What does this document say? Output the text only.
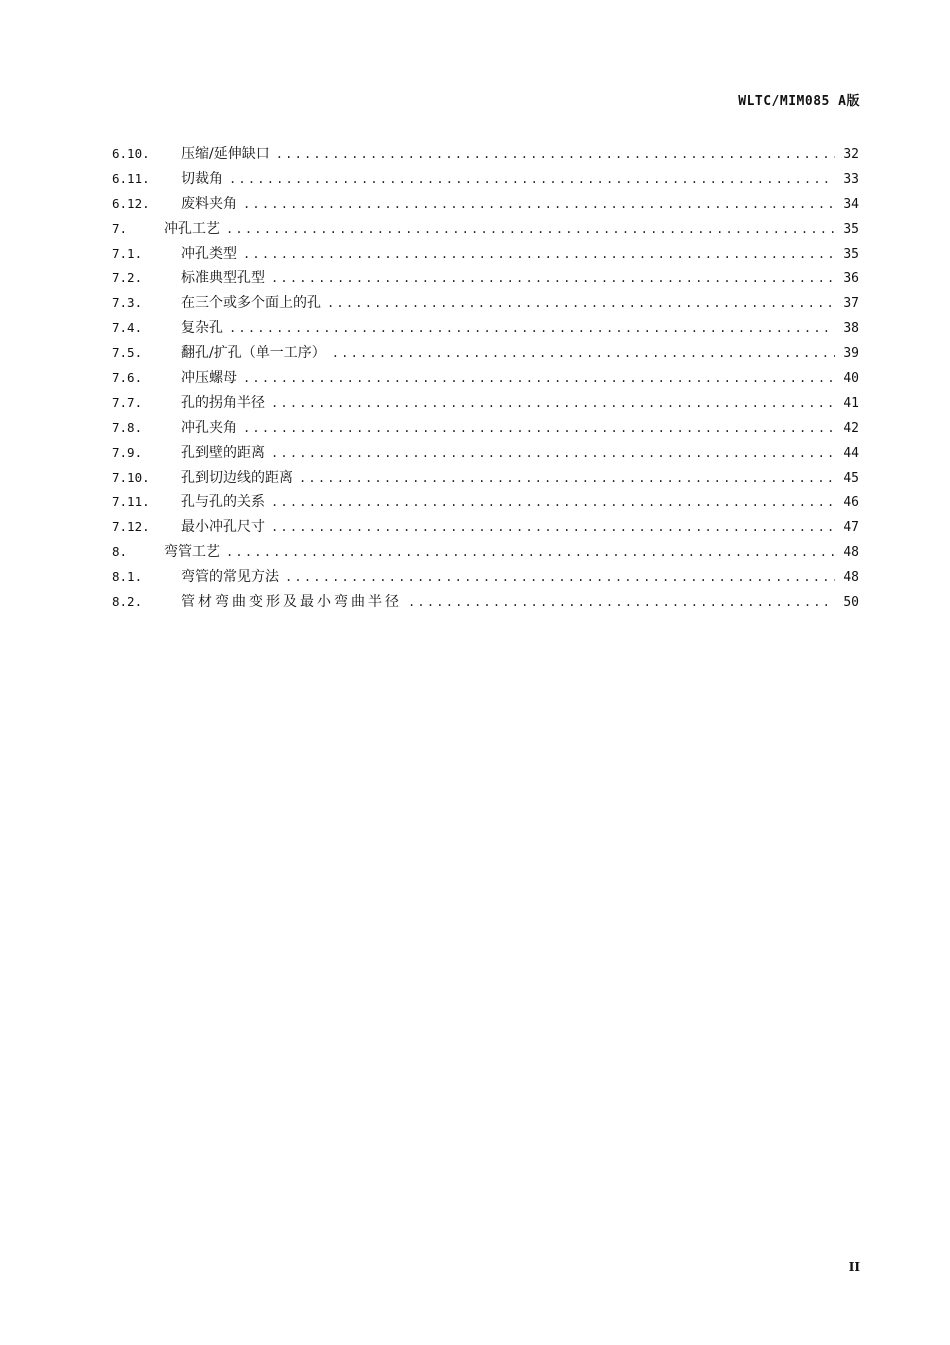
WLTC/MIM085 A版
6.10.	压缩/延伸缺口 .....	32
6.11.	切裁角 .....	33
6.12.	废料夹角 .....	34
7.	冲孔工艺 .....	35
7.1.	冲孔类型 .....	35
7.2.	标准典型孔型 .....	36
7.3.	在三个或多个面上的孔 .....	37
7.4.	复杂孔 .....	38
7.5.	翻孔/扩孔（单一工序） .....	39
7.6.	冲压螺母 .....	40
7.7.	孔的拐角半径 .....	41
7.8.	冲孔夹角 .....	42
7.9.	孔到壁的距离 .....	44
7.10.	孔到切边线的距离 .....	45
7.11.	孔与孔的关系 .....	46
7.12.	最小冲孔尺寸 .....	47
8.	弯管工艺 .....	48
8.1.	弯管的常见方法 .....	48
8.2.	管材弯曲变形及最小弯曲半径 .....	50
II
